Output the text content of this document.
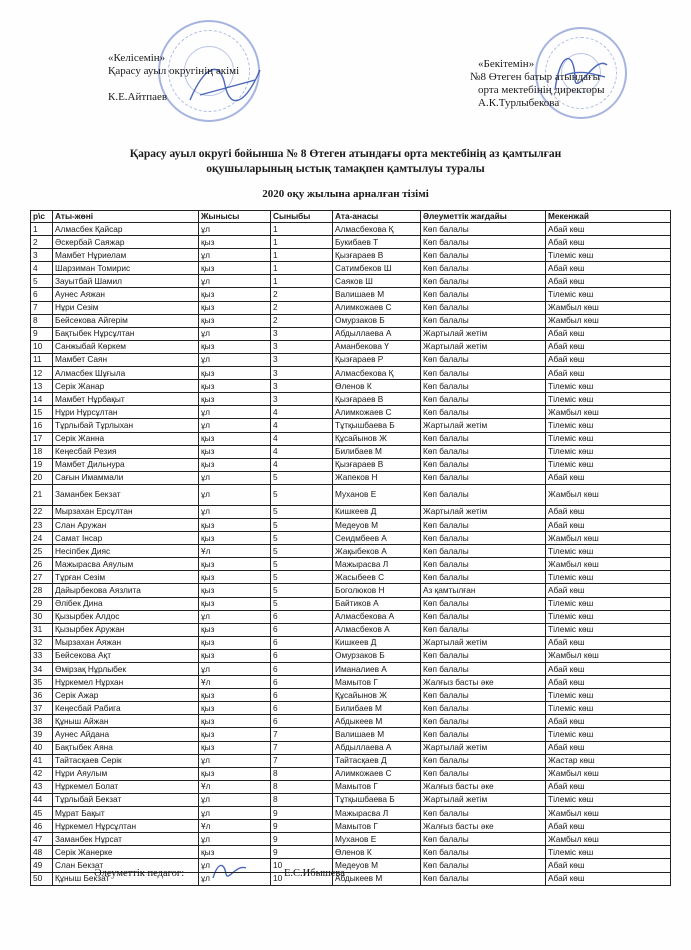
«Келісемін»
Қарасу ауыл округінің әкімі
К.Е.Айтпаев
«Бекітемін»
№8 Өтеген батыр атындағы
орта мектебінің директоры
А.К.Турлыбекова
Қарасу ауыл округі бойынша № 8 Өтеген атындағы орта мектебінің аз қамтылған
оқушыларының ыстық тамақпен қамтылуы туралы
2020 оқу жылына арналған тізімі
р\с	Аты-жөні	Жынысы	Сыныбы	Ата-анасы	Әлеуметтік жағдайы	Мекенжай
1	Алмасбек Қайсар	ұл	1	Алмасбекова Қ	Көп балалы	Абай көш
2	Әскербай Саяжар	қыз	1	Букибаев Т	Көп балалы	Абай көш
3	Мамбет Нұриелам	ұл	1	Қызғараев В	Көп балалы	Тілеміс көш
4	Шарзиман Томирис	қыз	1	Сатимбеков Ш	Көп балалы	Абай көш
5	Зауытбай Шамил	ұл	1	Саяков Ш	Көп балалы	Абай көш
6	Аунес Аяжан	қыз	2	Валишаев М	Көп балалы	Тілеміс көш
7	Нұри Сезім	қыз	2	Алимкожаев С	Көп балалы	Жамбыл көш
8	Бейсекова Айгерім	қыз	2	Омурзаков Б	Көп балалы	Жамбыл көш
9	Бақтыбек Нұрсұлтан	ұл	3	Абдыллаева А	Жартылай жетім	Абай көш
10	Санжыбай Көркем	қыз	3	Аманбекова Ү	Жартылай жетім	Абай көш
11	Мамбет Саян	ұл	3	Қызғараев Р	Көп балалы	Абай көш
12	Алмасбек Шұғыла	қыз	3	Алмасбекова Қ	Көп балалы	Абай көш
13	Серік Жанар	қыз	3	Өленов К	Көп балалы	Тілеміс көш
14	Мамбет Нұрбақыт	қыз	3	Қызғараев В	Көп балалы	Тілеміс көш
15	Нұри Нұрсұлтан	ұл	4	Алимкожаев С	Көп балалы	Жамбыл көш
16	Тұрлыбай Тұрлыхан	ұл	4	Тұтқышбаева Б	Жартылай жетім	Тілеміс көш
17	Серік Жанна	қыз	4	Құсайынов Ж	Көп балалы	Тілеміс көш
18	Кеңесбай Резия	қыз	4	Билибаев М	Көп балалы	Тілеміс көш
19	Мамбет Дильнура	қыз	4	Қызғараев В	Көп балалы	Тілеміс көш
20	Сағын Имаммали	ұл	5	Жапеков Н	Көп балалы	Абай көш
21	Заманбек Бекзат	ұл	5	Муханов Е	Көп балалы	Жамбыл көш
22	Мырзахан Ерсұлтан	ұл	5	Кишкеев Д	Жартылай жетім	Абай көш
23	Слан Аружан	қыз	5	Медеуов М	Көп балалы	Абай көш
24	Самат Інсар	қыз	5	Сеидмбеев А	Көп балалы	Жамбыл көш
25	Несіпбек Дияс	Ұл	5	Жақыбеков А	Көп балалы	Тілеміс көш
26	Мажырасва Аяулым	қыз	5	Мажырасва Л	Көп балалы	Жамбыл көш
27	Тұрған Сезім	қыз	5	Жасыбеев С	Көп балалы	Тілеміс көш
28	Дайырбекова Аязлита	қыз	5	Боголюков Н	Аз қамтылған	Абай көш
29	Әлібек Дина	қыз	5	Байтиков А	Көп балалы	Тілеміс көш
30	Қызырбек Алдос	ұл	6	Алмасбекова А	Көп балалы	Тілеміс көш
31	Қызырбек Аружан	қыз	6	Алмасбеков А	Көп балалы	Тілеміс көш
32	Мырзахан Аяжан	қыз	6	Кишкеев Д	Жартылай жетім	Абай көш
33	Бейсекова Ақт	қыз	6	Омурзаков Б	Көп балалы	Жамбыл көш
34	Өмірзақ Нұрлыбек	ұл	6	Иманалиев А	Көп балалы	Абай көш
35	Нұркемел Нұрхан	Ұл	6	Мамытов Г	Жалғыз басты әке	Абай көш
36	Серік Ажар	қыз	6	Құсайынов Ж	Көп балалы	Тілеміс көш
37	Кеңесбай Рабига	қыз	6	Билибаев М	Көп балалы	Тілеміс көш
38	Құныш Айжан	қыз	6	Абдыкеев М	Көп балалы	Абай көш
39	Аунес Айдана	қыз	7	Валишаев М	Көп балалы	Тілеміс көш
40	Бақтыбек Аяна	қыз	7	Абдыллаева А	Жартылай жетім	Абай көш
41	Тайтасқаев Серік	ұл	7	Тайтасқаев Д	Көп балалы	Жастар көш
42	Нұри Аяулым	қыз	8	Алимкожаев С	Көп балалы	Жамбыл көш
43	Нұркемел Болат	Ұл	8	Мамытов Г	Жалғыз басты әке	Абай көш
44	Тұрлыбай Бекзат	ұл	8	Тұтқышбаева Б	Жартылай жетім	Тілеміс көш
45	Мұрат Бақыт	ұл	9	Мажырасва Л	Көп балалы	Жамбыл көш
46	Нұркемел Нұрсұлтан	Ұл	9	Мамытов Г	Жалғыз басты әке	Абай көш
47	Заманбек Нұрсат	ұл	9	Муханов Е	Көп балалы	Жамбыл көш
48	Серік Жанерке	қыз	9	Өленов К	Көп балалы	Тілеміс көш
49	Слан Бекзат	ұл	10	Медеуов М	Көп балалы	Абай көш
50	Құныш Бекзат	ұл	10	Абдыкеев М	Көп балалы	Абай көш
Әлеуметтік педагог:	Е.С.Ибышева
